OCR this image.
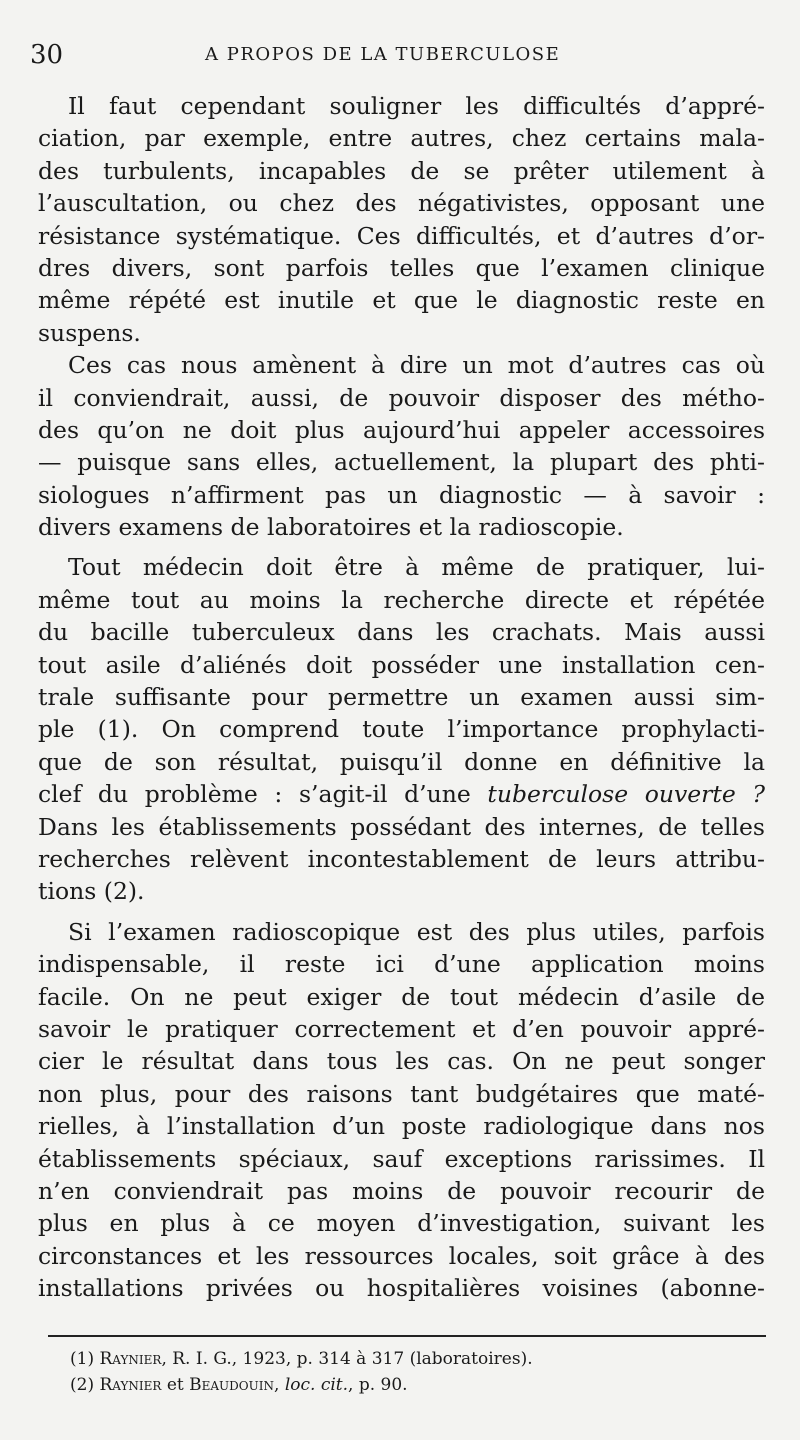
30	A PROPOS DE LA TUBERCULOSE
Il faut cependant souligner les difficultés d’appré-
ciation, par exemple, entre autres, chez certains mala-
des turbulents, incapables de se prêter utilement à
l’auscultation, ou chez des négativistes, opposant une
résistance systématique. Ces difficultés, et d’autres d’or-
dres divers, sont parfois telles que l’examen clinique
même répété est inutile et que le diagnostic reste en
suspens.
Ces cas nous amènent à dire un mot d’autres cas où
il conviendrait, aussi, de pouvoir disposer des métho-
des qu’on ne doit plus aujourd’hui appeler accessoires
— puisque sans elles, actuellement, la plupart des phti-
siologues n’affirment pas un diagnostic — à savoir :
divers examens de laboratoires et la radioscopie.
Tout médecin doit être à même de pratiquer, lui-
même tout au moins la recherche directe et répétée
du bacille tuberculeux dans les crachats. Mais aussi
tout asile d’aliénés doit posséder une installation cen-
trale suffisante pour permettre un examen aussi sim-
ple (1). On comprend toute l’importance prophylacti-
que de son résultat, puisqu’il donne en définitive la
clef du problème : s’agit-il d’une tuberculose ouverte ?
Dans les établissements possédant des internes, de telles
recherches relèvent incontestablement de leurs attribu-
tions (2).
Si l’examen radioscopique est des plus utiles, parfois
indispensable, il reste ici d’une application moins
facile. On ne peut exiger de tout médecin d’asile de
savoir le pratiquer correctement et d’en pouvoir appré-
cier le résultat dans tous les cas. On ne peut songer
non plus, pour des raisons tant budgétaires que maté-
rielles, à l’installation d’un poste radiologique dans nos
établissements spéciaux, sauf exceptions rarissimes. Il
n’en conviendrait pas moins de pouvoir recourir de
plus en plus à ce moyen d’investigation, suivant les
circonstances et les ressources locales, soit grâce à des
installations privées ou hospitalières voisines (abonne-
(1) Raynier, R. I. G., 1923, p. 314 à 317 (laboratoires).
(2) Raynier et Beaudouin, loc. cit., p. 90.
